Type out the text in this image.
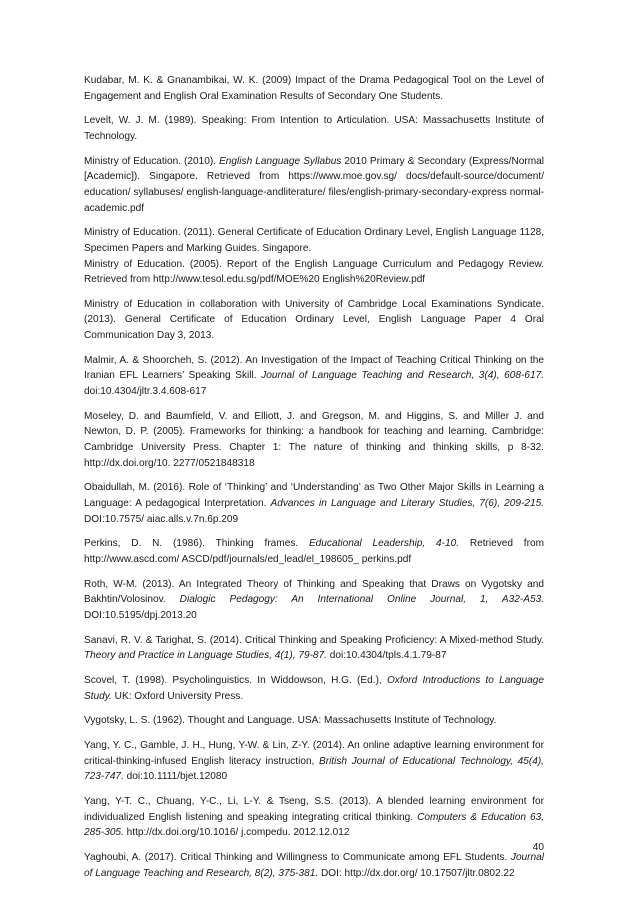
Kudabar, M. K. & Gnanambikai, W. K. (2009) Impact of the Drama Pedagogical Tool on the Level of Engagement and English Oral Examination Results of Secondary One Students.

Levelt, W. J. M. (1989). Speaking: From Intention to Articulation. USA: Massachusetts Institute of Technology.

Ministry of Education. (2010). English Language Syllabus 2010 Primary & Secondary (Express/Normal [Academic]). Singapore. Retrieved from https://www.moe.gov.sg/ docs/default-source/document/ education/ syllabuses/ english-language-andliterature/ files/english-primary-secondary-express normal-academic.pdf

Ministry of Education. (2011). General Certificate of Education Ordinary Level, English Language 1128, Specimen Papers and Marking Guides. Singapore.

Ministry of Education. (2005). Report of the English Language Curriculum and Pedagogy Review. Retrieved from http://www.tesol.edu.sg/pdf/MOE%20 English%20Review.pdf

Ministry of Education in collaboration with University of Cambridge Local Examinations Syndicate. (2013). General Certificate of Education Ordinary Level, English Language Paper 4 Oral Communication Day 3, 2013.

Malmir, A. & Shoorcheh, S. (2012). An Investigation of the Impact of Teaching Critical Thinking on the Iranian EFL Learners’ Speaking Skill. Journal of Language Teaching and Research, 3(4), 608-617. doi:10.4304/jltr.3.4.608-617

Moseley, D. and Baumfield, V. and Elliott, J. and Gregson, M. and Higgins, S. and Miller J. and Newton, D. P. (2005). Frameworks for thinking: a handbook for teaching and learning. Cambridge: Cambridge University Press. Chapter 1: The nature of thinking and thinking skills, p 8-32. http://dx.doi.org/10. 2277/0521848318

Obaidullah, M. (2016). Role of ‘Thinking’ and ‘Understanding’ as Two Other Major Skills in Learning a Language: A pedagogical Interpretation. Advances in Language and Literary Studies, 7(6), 209-215. DOI:10.7575/ aiac.alls.v.7n.6p.209

Perkins, D. N. (1986). Thinking frames. Educational Leadership, 4-10. Retrieved from http://www.ascd.com/ ASCD/pdf/journals/ed_lead/el_198605_ perkins.pdf

Roth, W-M. (2013). An Integrated Theory of Thinking and Speaking that Draws on Vygotsky and Bakhtin/Volosinov. Dialogic Pedagogy: An International Online Journal, 1, A32-A53. DOI:10.5195/dpj.2013.20

Sanavi, R. V. & Tarighat, S. (2014). Critical Thinking and Speaking Proficiency: A Mixed-method Study. Theory and Practice in Language Studies, 4(1), 79-87. doi:10.4304/tpls.4.1.79-87

Scovel, T. (1998). Psycholinguistics. In Widdowson, H.G. (Ed.), Oxford Introductions to Language Study. UK: Oxford University Press.

Vygotsky, L. S. (1962). Thought and Language. USA: Massachusetts Institute of Technology.

Yang, Y. C., Gamble, J. H., Hung, Y-W. & Lin, Z-Y. (2014). An online adaptive learning environment for critical-thinking-infused English literacy instruction, British Journal of Educational Technology, 45(4), 723-747. doi:10.1111/bjet.12080

Yang, Y-T. C., Chuang, Y-C., Li, L-Y. & Tseng, S.S. (2013). A blended learning environment for individualized English listening and speaking integrating critical thinking. Computers & Education 63, 285-305. http://dx.doi.org/10.1016/ j.compedu. 2012.12.012

Yaghoubi, A. (2017). Critical Thinking and Willingness to Communicate among EFL Students. Journal of Language Teaching and Research, 8(2), 375-381. DOI: http://dx.dor.org/ 10.17507/jltr.0802.22

40
